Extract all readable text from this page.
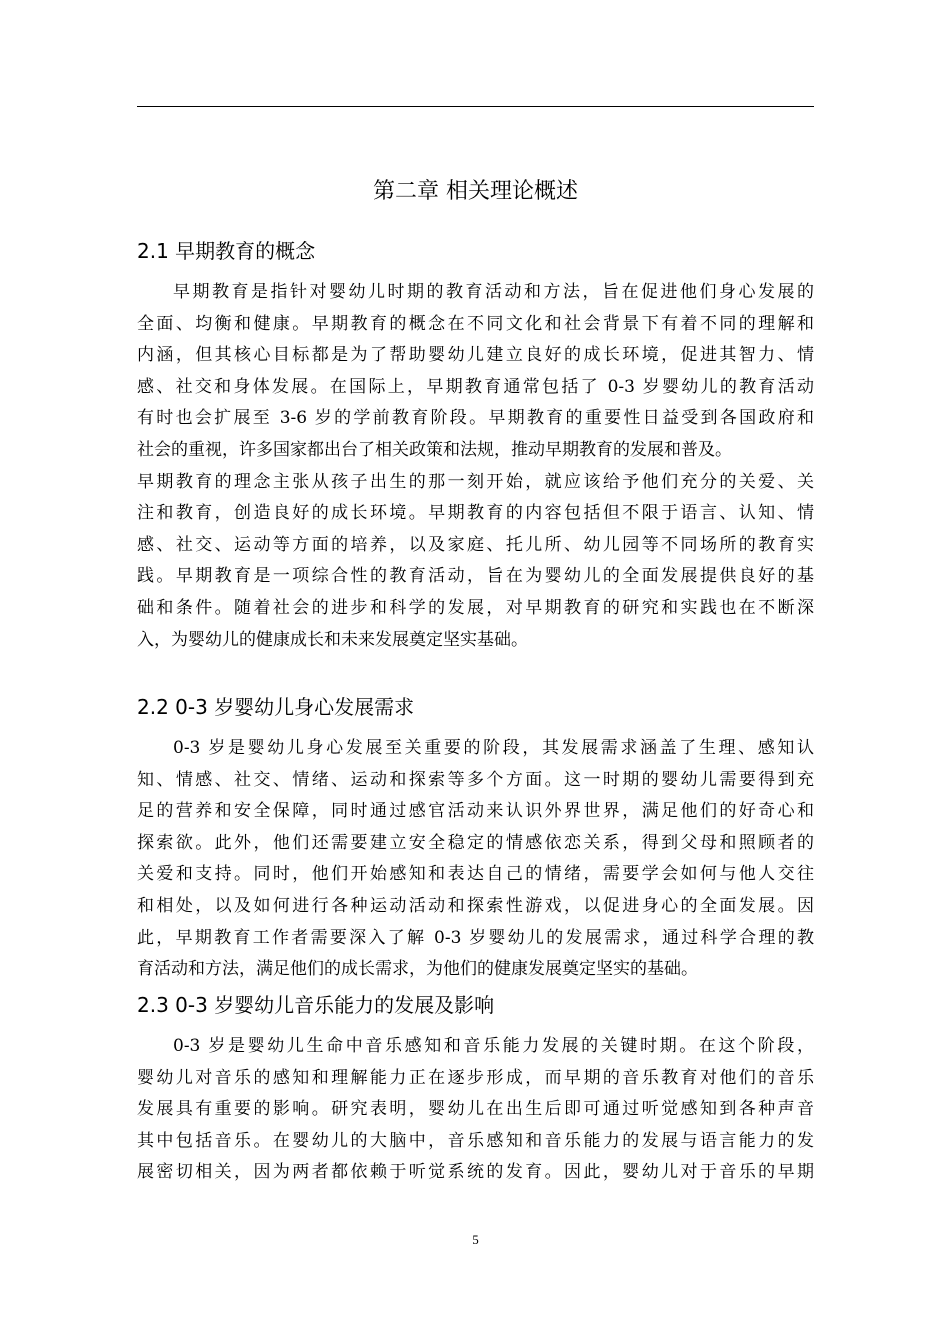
第二章 相关理论概述
2.1 早期教育的概念
早期教育是指针对婴幼儿时期的教育活动和方法，旨在促进他们身心发展的
全面、均衡和健康。早期教育的概念在不同文化和社会背景下有着不同的理解和
内涵，但其核心目标都是为了帮助婴幼儿建立良好的成长环境，促进其智力、情
感、社交和身体发展。在国际上，早期教育通常包括了 0-3 岁婴幼儿的教育活动
有时也会扩展至 3-6 岁的学前教育阶段。早期教育的重要性日益受到各国政府和
社会的重视，许多国家都出台了相关政策和法规，推动早期教育的发展和普及。
早期教育的理念主张从孩子出生的那一刻开始，就应该给予他们充分的关爱、关
注和教育，创造良好的成长环境。早期教育的内容包括但不限于语言、认知、情
感、社交、运动等方面的培养，以及家庭、托儿所、幼儿园等不同场所的教育实
践。早期教育是一项综合性的教育活动，旨在为婴幼儿的全面发展提供良好的基
础和条件。随着社会的进步和科学的发展，对早期教育的研究和实践也在不断深
入，为婴幼儿的健康成长和未来发展奠定坚实基础。
2.2 0-3 岁婴幼儿身心发展需求
0-3 岁是婴幼儿身心发展至关重要的阶段，其发展需求涵盖了生理、感知认
知、情感、社交、情绪、运动和探索等多个方面。这一时期的婴幼儿需要得到充
足的营养和安全保障，同时通过感官活动来认识外界世界，满足他们的好奇心和
探索欲。此外，他们还需要建立安全稳定的情感依恋关系，得到父母和照顾者的
关爱和支持。同时，他们开始感知和表达自己的情绪，需要学会如何与他人交往
和相处，以及如何进行各种运动活动和探索性游戏，以促进身心的全面发展。因
此，早期教育工作者需要深入了解 0-3 岁婴幼儿的发展需求，通过科学合理的教
育活动和方法，满足他们的成长需求，为他们的健康发展奠定坚实的基础。
2.3 0-3 岁婴幼儿音乐能力的发展及影响
0-3 岁是婴幼儿生命中音乐感知和音乐能力发展的关键时期。在这个阶段，
婴幼儿对音乐的感知和理解能力正在逐步形成，而早期的音乐教育对他们的音乐
发展具有重要的影响。研究表明，婴幼儿在出生后即可通过听觉感知到各种声音
其中包括音乐。在婴幼儿的大脑中，音乐感知和音乐能力的发展与语言能力的发
展密切相关，因为两者都依赖于听觉系统的发育。因此，婴幼儿对于音乐的早期
5
